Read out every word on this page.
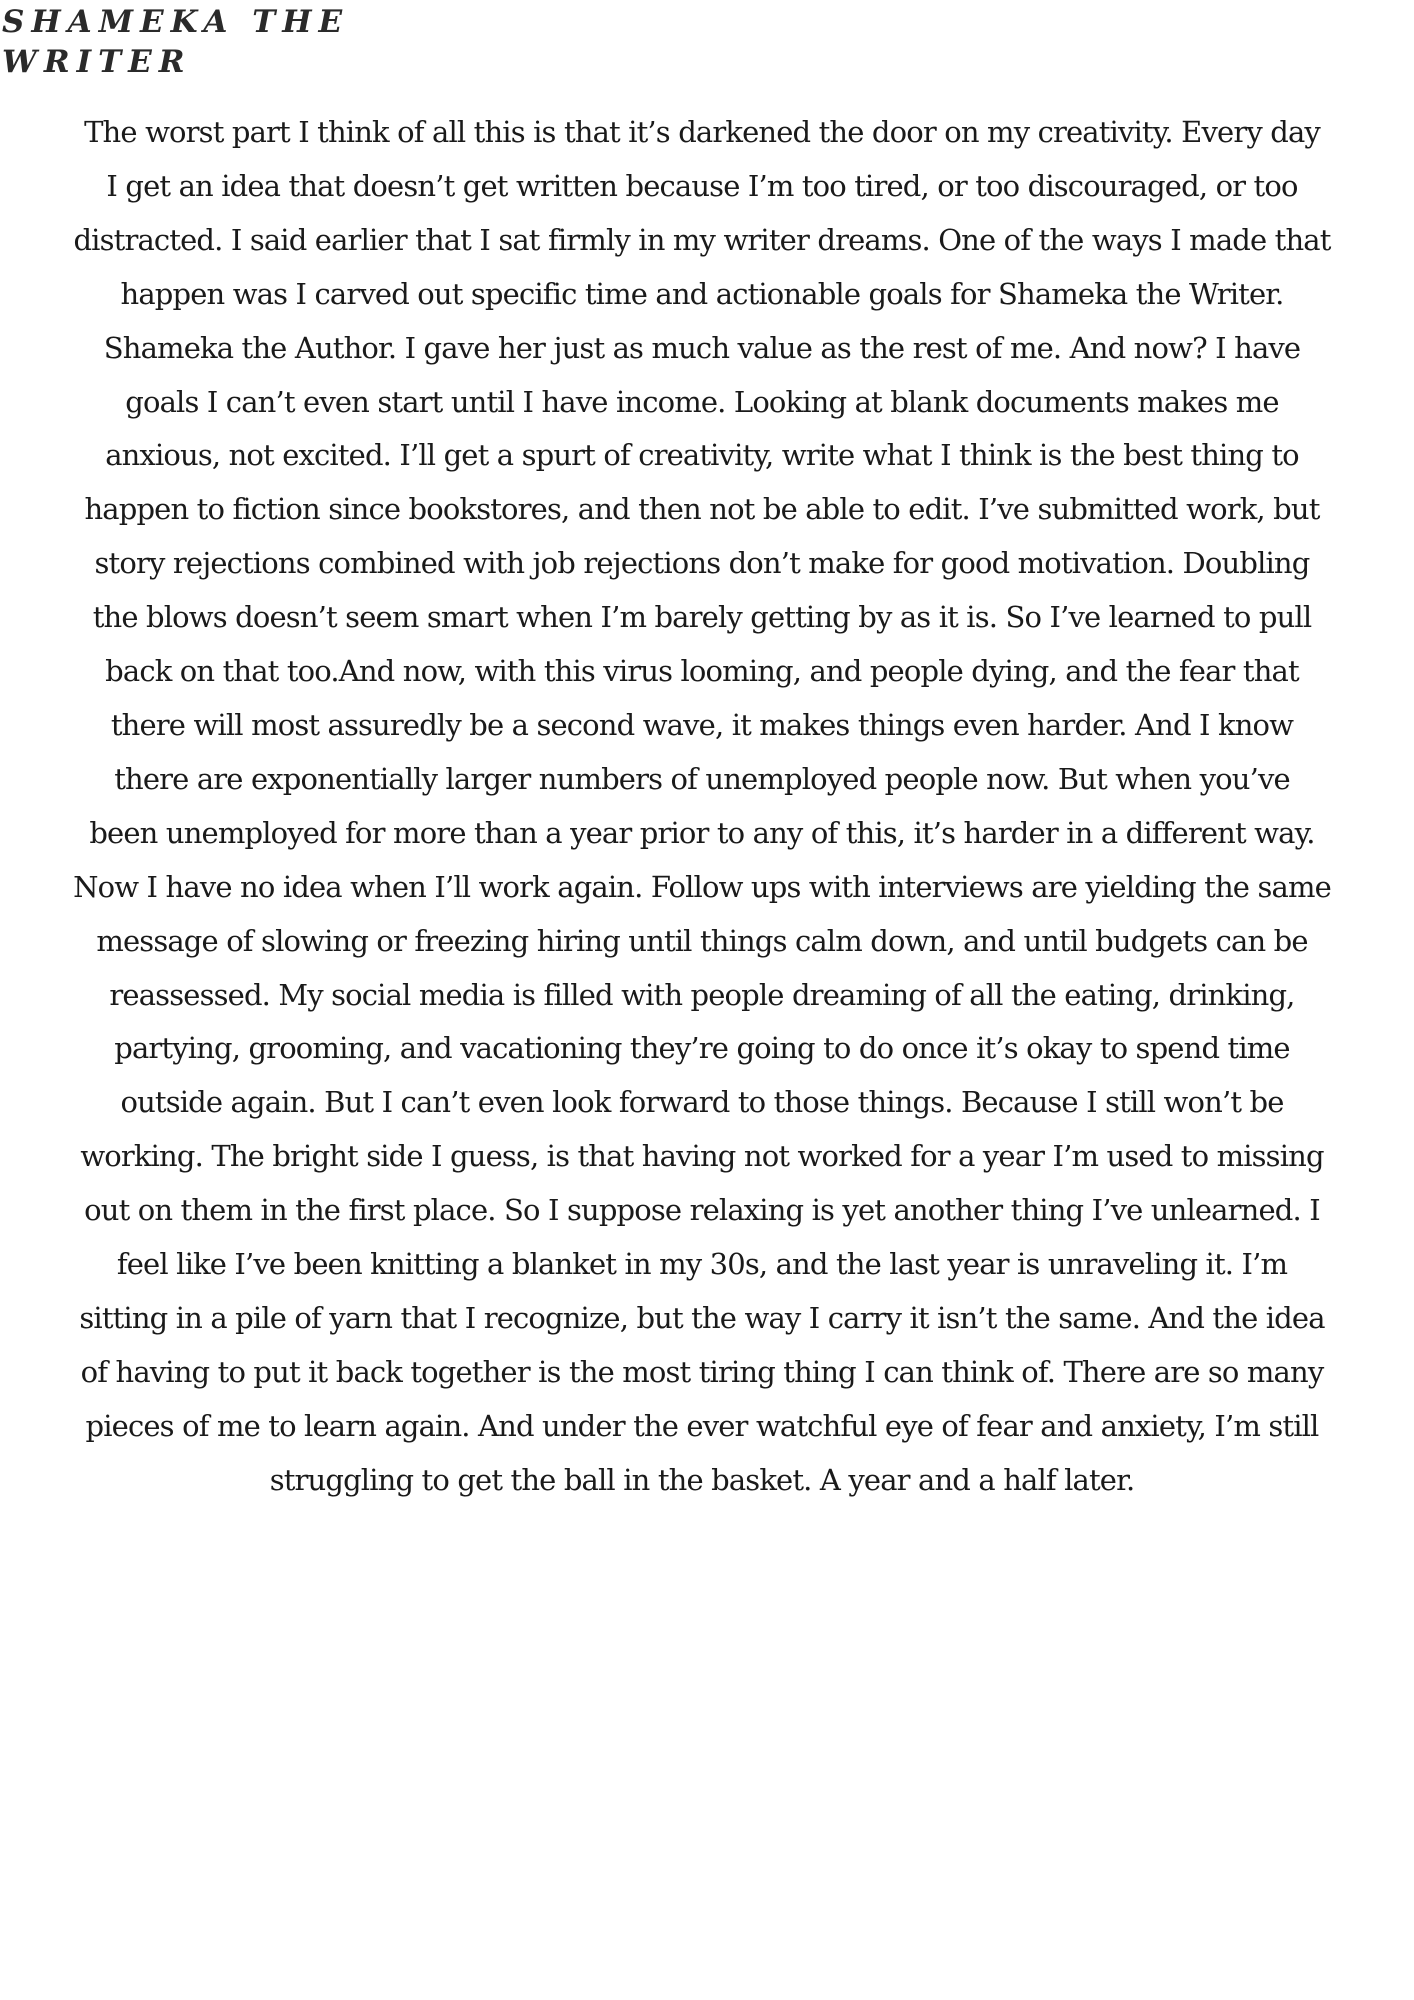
SHAMEKA THE
WRITER

The worst part I think of all this is that it’s darkened the door on my creativity. Every day
I get an idea that doesn’t get written because I’m too tired, or too discouraged, or too
distracted. I said earlier that I sat firmly in my writer dreams. One of the ways I made that
happen was I carved out specific time and actionable goals for Shameka the Writer.
Shameka the Author. I gave her just as much value as the rest of me. And now? I have
goals I can’t even start until I have income. Looking at blank documents makes me
anxious, not excited. I’ll get a spurt of creativity, write what I think is the best thing to
happen to fiction since bookstores, and then not be able to edit. I’ve submitted work, but
story rejections combined with job rejections don’t make for good motivation. Doubling
the blows doesn’t seem smart when I’m barely getting by as it is. So I’ve learned to pull
back on that too.And now, with this virus looming, and people dying, and the fear that
there will most assuredly be a second wave, it makes things even harder. And I know
there are exponentially larger numbers of unemployed people now. But when you’ve
been unemployed for more than a year prior to any of this, it’s harder in a different way.
Now I have no idea when I’ll work again. Follow ups with interviews are yielding the same
message of slowing or freezing hiring until things calm down, and until budgets can be
reassessed. My social media is filled with people dreaming of all the eating, drinking,
partying, grooming, and vacationing they’re going to do once it’s okay to spend time
outside again. But I can’t even look forward to those things. Because I still won’t be
working. The bright side I guess, is that having not worked for a year I’m used to missing
out on them in the first place. So I suppose relaxing is yet another thing I’ve unlearned. I
feel like I’ve been knitting a blanket in my 30s, and the last year is unraveling it. I’m
sitting in a pile of yarn that I recognize, but the way I carry it isn’t the same. And the idea
of having to put it back together is the most tiring thing I can think of. There are so many
pieces of me to learn again. And under the ever watchful eye of fear and anxiety, I’m still
struggling to get the ball in the basket. A year and a half later.
